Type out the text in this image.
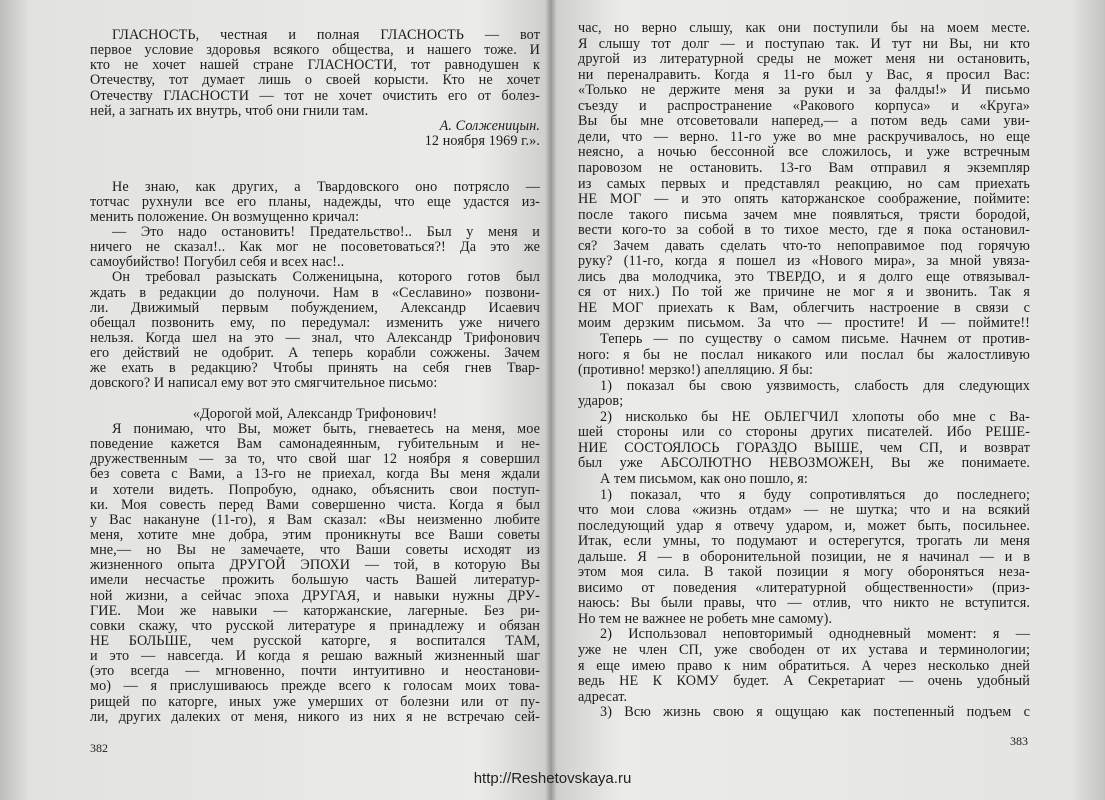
ГЛАСНОСТЬ, честная и полная ГЛАСНОСТЬ — вот
первое условие здоровья всякого общества, и нашего тоже. И
кто не хочет нашей стране ГЛАСНОСТИ, тот равнодушен к
Отечеству, тот думает лишь о своей корысти. Кто не хочет
Отечеству ГЛАСНОСТИ — тот не хочет очистить его от болез-
ней, а загнать их внутрь, чтоб они гнили там.
А. Солженицын.
12 ноября 1969 г.».
Не знаю, как других, а Твардовского оно потрясло —
тотчас рухнули все его планы, надежды, что еще удастся из-
менить положение. Он возмущенно кричал:
— Это надо остановить! Предательство!.. Был у меня и
ничего не сказал!.. Как мог не посоветоваться?! Да это же
самоубийство! Погубил себя и всех нас!..
Он требовал разыскать Солженицына, которого готов был
ждать в редакции до полуночи. Нам в «Сеславино» позвони-
ли. Движимый первым побуждением, Александр Исаевич
обещал позвонить ему, по передумал: изменить уже ничего
нельзя. Когда шел на это — знал, что Александр Трифонович
его действий не одобрит. А теперь корабли сожжены. Зачем
же ехать в редакцию? Чтобы принять на себя гнев Твар-
довского? И написал ему вот это смягчительное письмо:
«Дорогой мой, Александр Трифонович!
Я понимаю, что Вы, может быть, гневаетесь на меня, мое
поведение кажется Вам самонадеянным, губительным и не-
дружественным — за то, что свой шаг 12 ноября я совершил
без совета с Вами, а 13-го не приехал, когда Вы меня ждали
и хотели видеть. Попробую, однако, объяснить свои поступ-
ки. Моя совесть перед Вами совершенно чиста. Когда я был
у Вас накануне (11-го), я Вам сказал: «Вы неизменно любите
меня, хотите мне добра, этим проникнуты все Ваши советы
мне,— но Вы не замечаете, что Ваши советы исходят из
жизненного опыта ДРУГОЙ ЭПОХИ — той, в которую Вы
имели несчастье прожить большую часть Вашей литератур-
ной жизни, а сейчас эпоха ДРУГАЯ, и навыки нужны ДРУ-
ГИЕ. Мои же навыки — каторжанские, лагерные. Без ри-
совки скажу, что русской литературе я принадлежу и обязан
НЕ БОЛЬШЕ, чем русской каторге, я воспитался ТАМ,
и это — навсегда. И когда я решаю важный жизненный шаг
(это всегда — мгновенно, почти интуитивно и неостанови-
мо) — я прислушиваюсь прежде всего к голосам моих това-
рищей по каторге, иных уже умерших от болезни или от пу-
ли, других далеких от меня, никого из них я не встречаю сей-
час, но верно слышу, как они поступили бы на моем месте.
Я слышу тот долг — и поступаю так. И тут ни Вы, ни кто
другой из литературной среды не может меня ни остановить,
ни переналравить. Когда я 11-го был у Вас, я просил Вас:
«Только не держите меня за руки и за фалды!» И письмо
съезду и распространение «Ракового корпуса» и «Круга»
Вы бы мне отсоветовали наперед,— а потом ведь сами уви-
дели, что — верно. 11-го уже во мне раскручивалось, но еще
неясно, а ночью бессонной все сложилось, и уже встречным
паровозом не остановить. 13-го Вам отправил я экземпляр
из самых первых и представлял реакцию, но сам приехать
НЕ МОГ — и это опять каторжанское соображение, поймите:
после такого письма зачем мне появляться, трясти бородой,
вести кого-то за собой в то тихое место, где я пока остановил-
ся? Зачем давать сделать что-то непоправимое под горячую
руку? (11-го, когда я пошел из «Нового мира», за мной увяза-
лись два молодчика, это ТВЕРДО, и я долго еще отвязывал-
ся от них.) По той же причине не мог я и звонить. Так я
НЕ МОГ приехать к Вам, облегчить настроение в связи с
моим дерзким письмом. За что — простите! И — поймите!!
Теперь — по существу о самом письме. Начнем от против-
ного: я бы не послал никакого или послал бы жалостливую
(противно! мерзко!) апелляцию. Я бы:
1) показал бы свою уязвимость, слабость для следующих
ударов;
2) нисколько бы НЕ ОБЛЕГЧИЛ хлопоты обо мне с Ва-
шей стороны или со стороны других писателей. Ибо РЕШЕ-
НИЕ СОСТОЯЛОСЬ ГОРАЗДО ВЫШЕ, чем СП, и возврат
был уже АБСОЛЮТНО НЕВОЗМОЖЕН, Вы же понимаете.
А тем письмом, как оно пошло, я:
1) показал, что я буду сопротивляться до последнего;
что мои слова «жизнь отдам» — не шутка; что и на всякий
последующий удар я отвечу ударом, и, может быть, посильнее.
Итак, если умны, то подумают и остерегутся, трогать ли меня
дальше. Я — в оборонительной позиции, не я начинал — и в
этом моя сила. В такой позиции я могу обороняться неза-
висимо от поведения «литературной общественности» (приз-
наюсь: Вы были правы, что — отлив, что никто не вступится.
Но тем не важнее не робеть мне самому).
2) Использовал неповторимый однодневный момент: я —
уже не член СП, уже свободен от их устава и терминологии;
я еще имею право к ним обратиться. А через несколько дней
ведь НЕ К КОМУ будет. А Секретариат — очень удобный
адресат.
3) Всю жизнь свою я ощущаю как постепенный подъем с
382	383
http://Reshetovskaya.ru
